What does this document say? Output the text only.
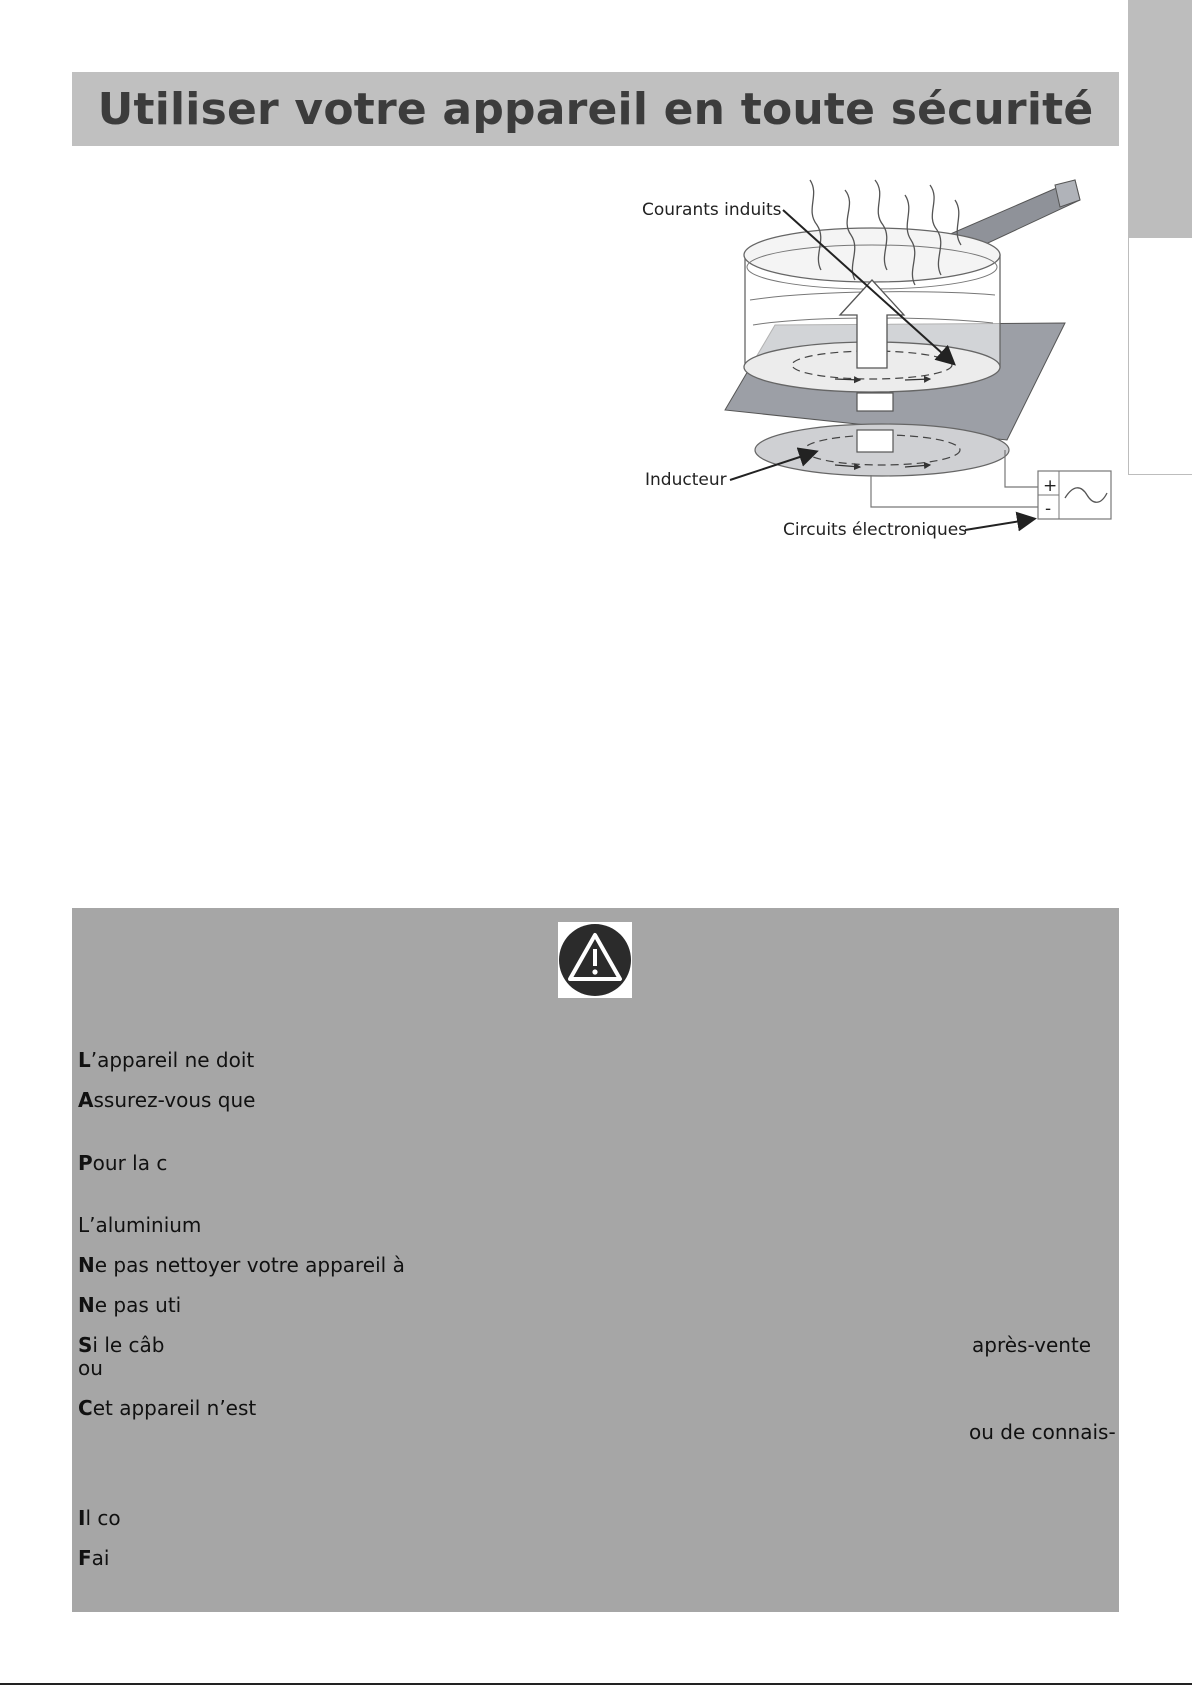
Utiliser votre appareil en toute sécurité
+
-
Courants induits
Inducteur
Circuits électroniques
L’appareil ne doit
Assurez-vous que
Pour la c
L’aluminium
Ne pas nettoyer votre appareil à
Ne pas uti
Si le câb
ou
Cet appareil n’est
Il co
Fai
après-vente
ou de connais-
